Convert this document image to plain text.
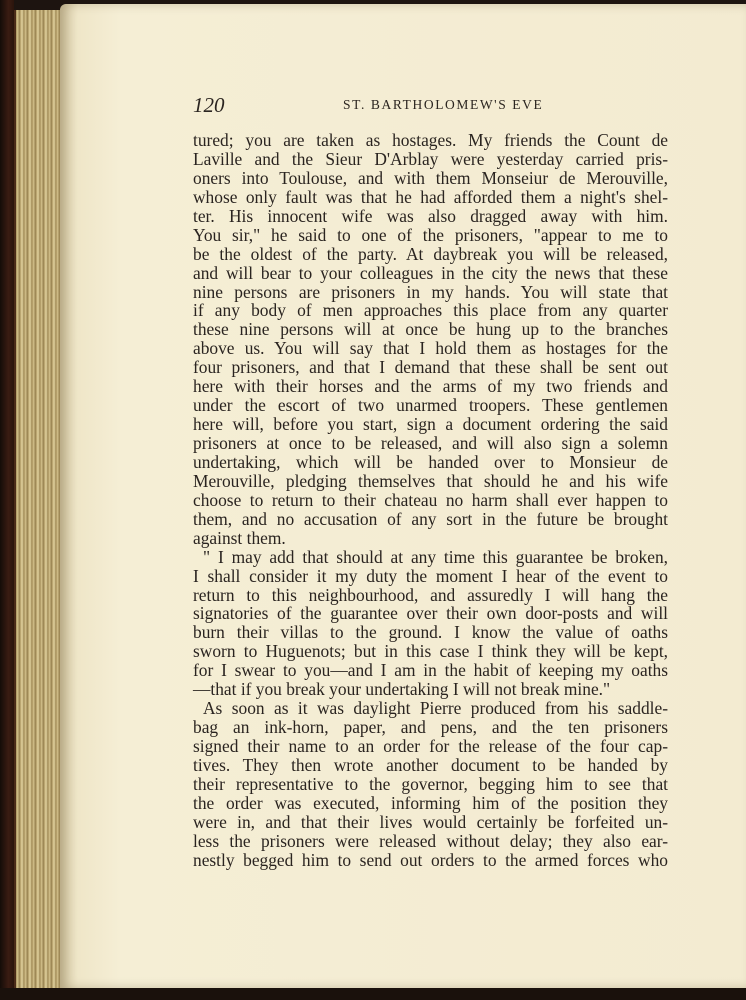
120	ST. BARTHOLOMEW'S EVE
tured; you are taken as hostages. My friends the Count de
Laville and the Sieur D'Arblay were yesterday carried pris-
oners into Toulouse, and with them Monseiur de Merouville,
whose only fault was that he had afforded them a night's shel-
ter. His innocent wife was also dragged away with him.
You sir," he said to one of the prisoners, "appear to me to
be the oldest of the party. At daybreak you will be released,
and will bear to your colleagues in the city the news that these
nine persons are prisoners in my hands. You will state that
if any body of men approaches this place from any quarter
these nine persons will at once be hung up to the branches
above us. You will say that I hold them as hostages for the
four prisoners, and that I demand that these shall be sent out
here with their horses and the arms of my two friends and
under the escort of two unarmed troopers. These gentlemen
here will, before you start, sign a document ordering the said
prisoners at once to be released, and will also sign a solemn
undertaking, which will be handed over to Monsieur de
Merouville, pledging themselves that should he and his wife
choose to return to their chateau no harm shall ever happen to
them, and no accusation of any sort in the future be brought
against them.
" I may add that should at any time this guarantee be broken,
I shall consider it my duty the moment I hear of the event to
return to this neighbourhood, and assuredly I will hang the
signatories of the guarantee over their own door-posts and will
burn their villas to the ground. I know the value of oaths
sworn to Huguenots; but in this case I think they will be kept,
for I swear to you—and I am in the habit of keeping my oaths
—that if you break your undertaking I will not break mine."
As soon as it was daylight Pierre produced from his saddle-
bag an ink-horn, paper, and pens, and the ten prisoners
signed their name to an order for the release of the four cap-
tives. They then wrote another document to be handed by
their representative to the governor, begging him to see that
the order was executed, informing him of the position they
were in, and that their lives would certainly be forfeited un-
less the prisoners were released without delay; they also ear-
nestly begged him to send out orders to the armed forces who
